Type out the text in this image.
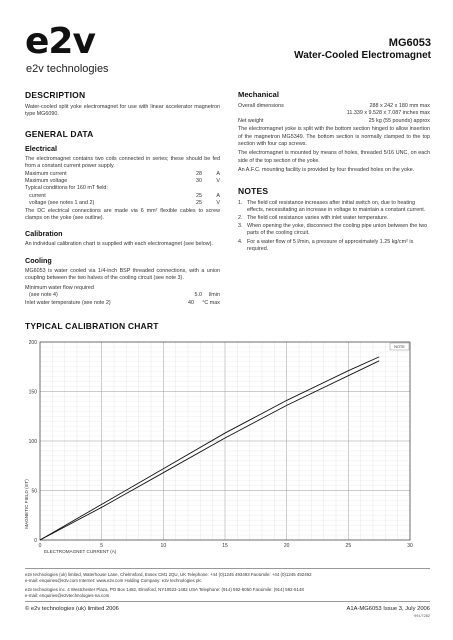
e2v
e2v technologies
MG6053
Water-Cooled Electromagnet
DESCRIPTION
Water-cooled split yoke electromagnet for use with linear accelerator magnetron type MG6090.
GENERAL DATA
Electrical
The electromagnet contains two coils connected in series; these should be fed from a constant current power supply.
Maximum current	28	A
Maximum voltage	30	V
Typical conditions for 160 mT field:
current	25	A
voltage (see notes 1 and 2)	25	V
The DC electrical connections are made via 6 mm² flexible cables to screw clamps on the yoke (see outline).
Calibration
An individual calibration chart is supplied with each electromagnet (see below).
Cooling
MG6053 is water cooled via 1/4-inch BSP threaded connections, with a union coupling between the two halves of the cooling circuit (see note 3).
Minimum water flow required
(see note 4)	5.0	l/min
Inlet water temperature (see note 2)	40	°C max
Mechanical
Overall dimensions	288 x 242 x 180 mm max
11.339 x 9.528 x 7.087 inches max
Net weight	25 kg (55 pounds) approx
The electromagnet yoke is split with the bottom section hinged to allow insertion of the magnetron MG5349. The bottom section is normally clamped to the top section with four cap screws.
The electromagnet is mounted by means of holes, threaded 5/16 UNC, on each side of the top section of the yoke.
An A.F.C. mounting facility is provided by four threaded holes on the yoke.
NOTES
1. The field coil resistance increases after initial switch on, due to heating effects, necessitating an increase in voltage to maintain a constant current.
2. The field coil resistance varies with inlet water temperature.
3. When opening the yoke, disconnect the cooling pipe union between the two parts of the cooling circuit.
4. For a water flow of 5 l/min, a pressure of approximately 1.25 kg/cm² is required.
TYPICAL CALIBRATION CHART
0	5	10	15	20	25	30
0
50
100
150
200
ELECTROMAGNET CURRENT (A)
MAGNETIC FIELD (mT)
NOTE
e2v technologies (uk) limited, Waterhouse Lane, Chelmsford, Essex CM1 2QU, UK Telephone: +44 (0)1245 493493 Facsimile: +44 (0)1245 492492
e-mail: enquiries@e2v.com Internet: www.e2v.com Holding Company: e2v technologies plc
e2v technologies inc. 4 Westchester Plaza, PO Box 1482, Elmsford, NY10523-1482 USA Telephone: (914) 592-6050 Facsimile: (914) 592-5148
e-mail: enquiries@e2vtechnologies-na.com
© e2v technologies (uk) limited 2006	A1A-MG6053 Issue 3, July 2006
991/7282
